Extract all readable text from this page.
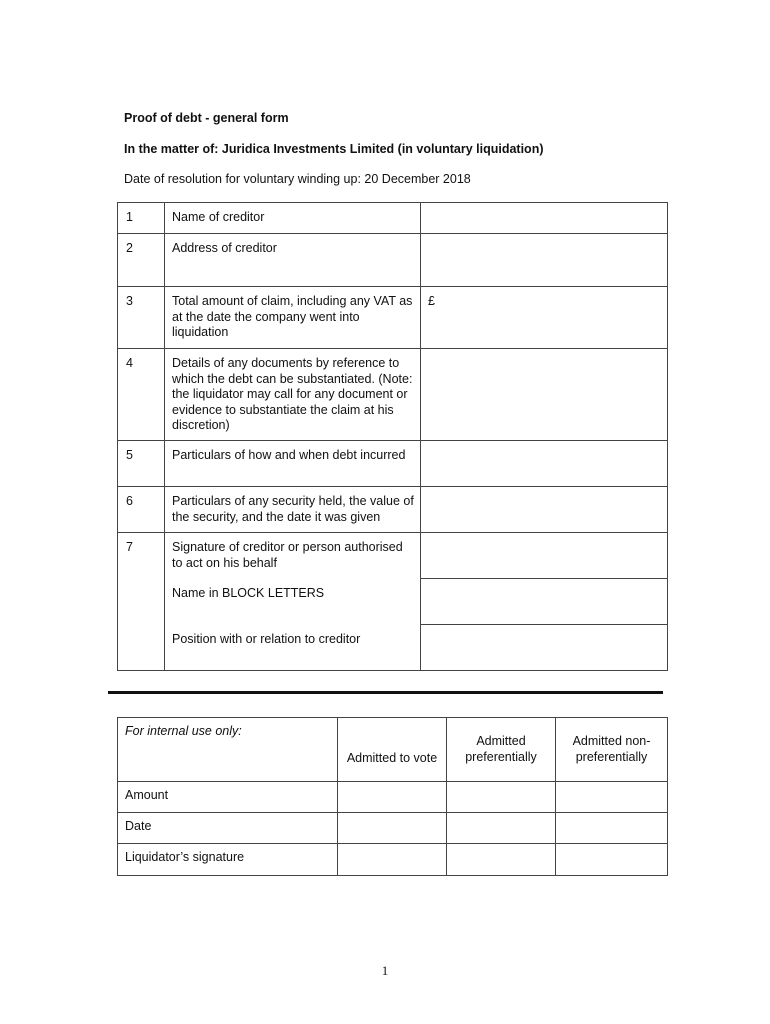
Proof of debt - general form
In the matter of: Juridica Investments Limited (in voluntary liquidation)
Date of resolution for voluntary winding up: 20 December 2018
1	Name of creditor	
2	Address of creditor	
3	Total amount of claim, including any VAT as at the date the company went into liquidation	£
4	Details of any documents by reference to which the debt can be substantiated. (Note: the liquidator may call for any document or evidence to substantiate the claim at his discretion)	
5	Particulars of how and when debt incurred	
6	Particulars of any security held, the value of the security, and the date it was given	
7	Signature of creditor or person authorised to act on his behalf	
	Name in BLOCK LETTERS	
	Position with or relation to creditor	
For internal use only:	Admitted to vote	Admitted preferentially	Admitted non-preferentially
Amount			
Date			
Liquidator’s signature			
1
